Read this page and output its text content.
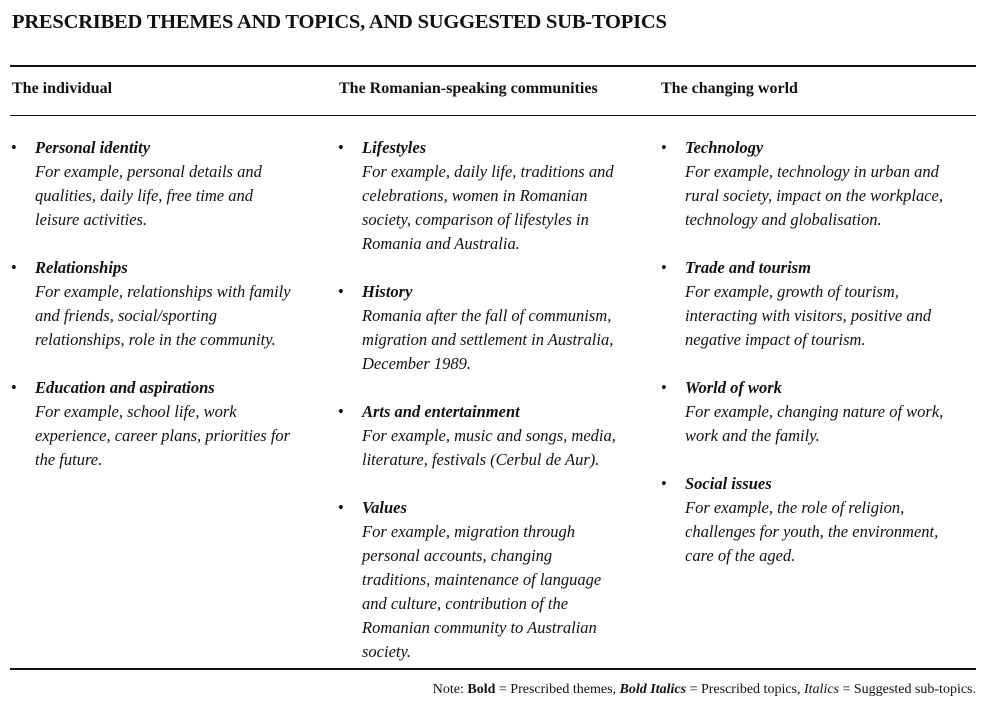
PRESCRIBED THEMES AND TOPICS, AND SUGGESTED SUB-TOPICS
The individual	The Romanian-speaking communities	The changing world
• Personal identity
For example, personal details and qualities, daily life, free time and leisure activities.
• Relationships
For example, relationships with family and friends, social/sporting relationships, role in the community.
• Education and aspirations
For example, school life, work experience, career plans, priorities for the future.
• Lifestyles
For example, daily life, traditions and celebrations, women in Romanian society, comparison of lifestyles in Romania and Australia.
• History
Romania after the fall of communism, migration and settlement in Australia, December 1989.
• Arts and entertainment
For example, music and songs, media, literature, festivals (Cerbul de Aur).
• Values
For example, migration through personal accounts, changing traditions, maintenance of language and culture, contribution of the Romanian community to Australian society.
• Technology
For example, technology in urban and rural society, impact on the workplace, technology and globalisation.
• Trade and tourism
For example, growth of tourism, interacting with visitors, positive and negative impact of tourism.
• World of work
For example, changing nature of work, work and the family.
• Social issues
For example, the role of religion, challenges for youth, the environment, care of the aged.
Note: Bold = Prescribed themes, Bold Italics = Prescribed topics, Italics = Suggested sub-topics.
